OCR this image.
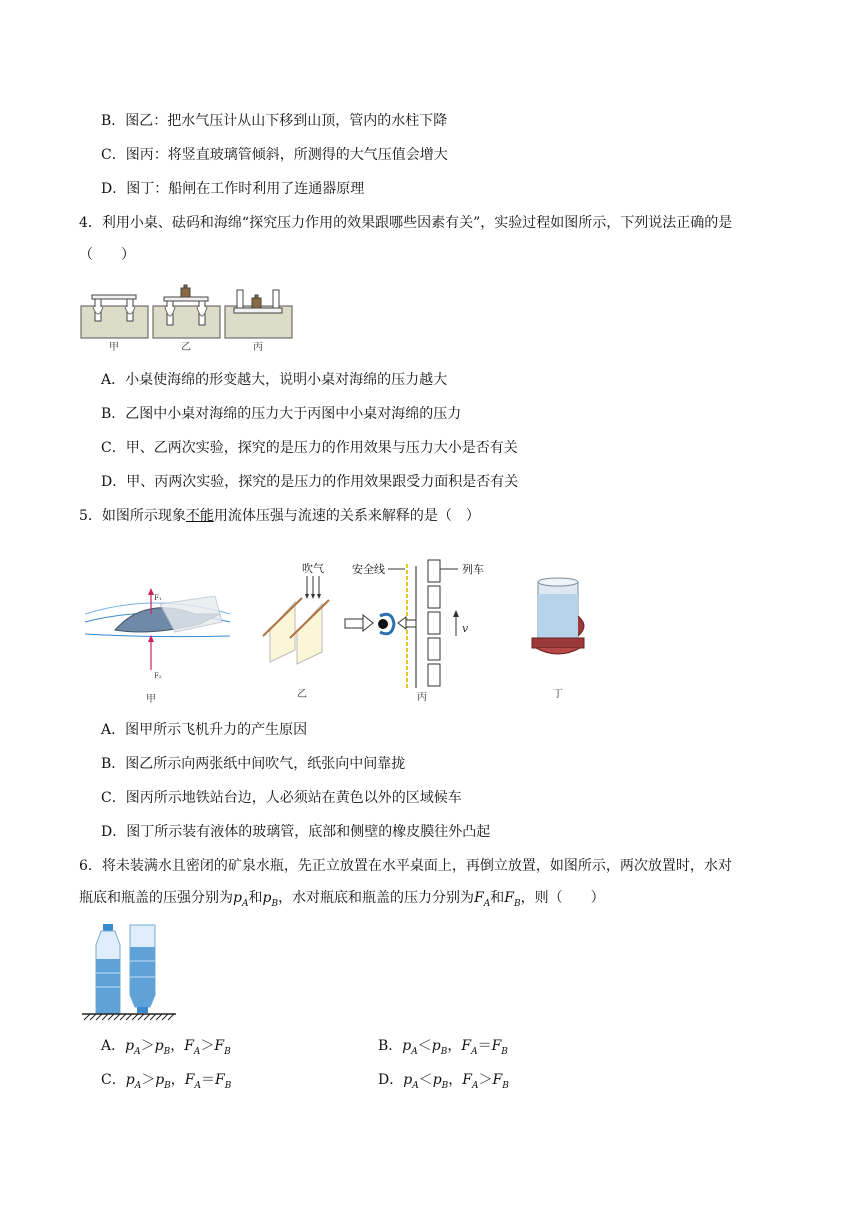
B．图乙：把水气压计从山下移到山顶，管内的水柱下降
C．图丙：将竖直玻璃管倾斜，所测得的大气压值会增大
D．图丁：船闸在工作时利用了连通器原理
4．利用小桌、砝码和海绵“探究压力作用的效果跟哪些因素有关”，实验过程如图所示，下列说法正确的是
（　　）
甲	乙	丙
A．小桌使海绵的形变越大，说明小桌对海绵的压力越大
B．乙图中小桌对海绵的压力大于丙图中小桌对海绵的压力
C．甲、乙两次实验，探究的是压力的作用效果与压力大小是否有关
D．甲、丙两次实验，探究的是压力的作用效果跟受力面积是否有关
5．如图所示现象不能用流体压强与流速的关系来解释的是（　）
F₁
F₂
甲
吹气
乙
安全线	列车
v
丙	丁
A．图甲所示飞机升力的产生原因
B．图乙所示向两张纸中间吹气，纸张向中间靠拢
C．图丙所示地铁站台边，人必须站在黄色以外的区域候车
D．图丁所示装有液体的玻璃管，底部和侧壁的橡皮膜往外凸起
6．将未装满水且密闭的矿泉水瓶，先正立放置在水平桌面上，再倒立放置，如图所示，两次放置时，水对
瓶底和瓶盖的压强分别为$p_A$和$p_B$，水对瓶底和瓶盖的压力分别为$F_A$和$F_B$，则（　　）
A．$p_A>p_B$，$F_A>F_B$	B．$p_A<p_B$，$F_A=F_B$
C．$p_A>p_B$，$F_A=F_B$	D．$p_A<p_B$，$F_A>F_B$
